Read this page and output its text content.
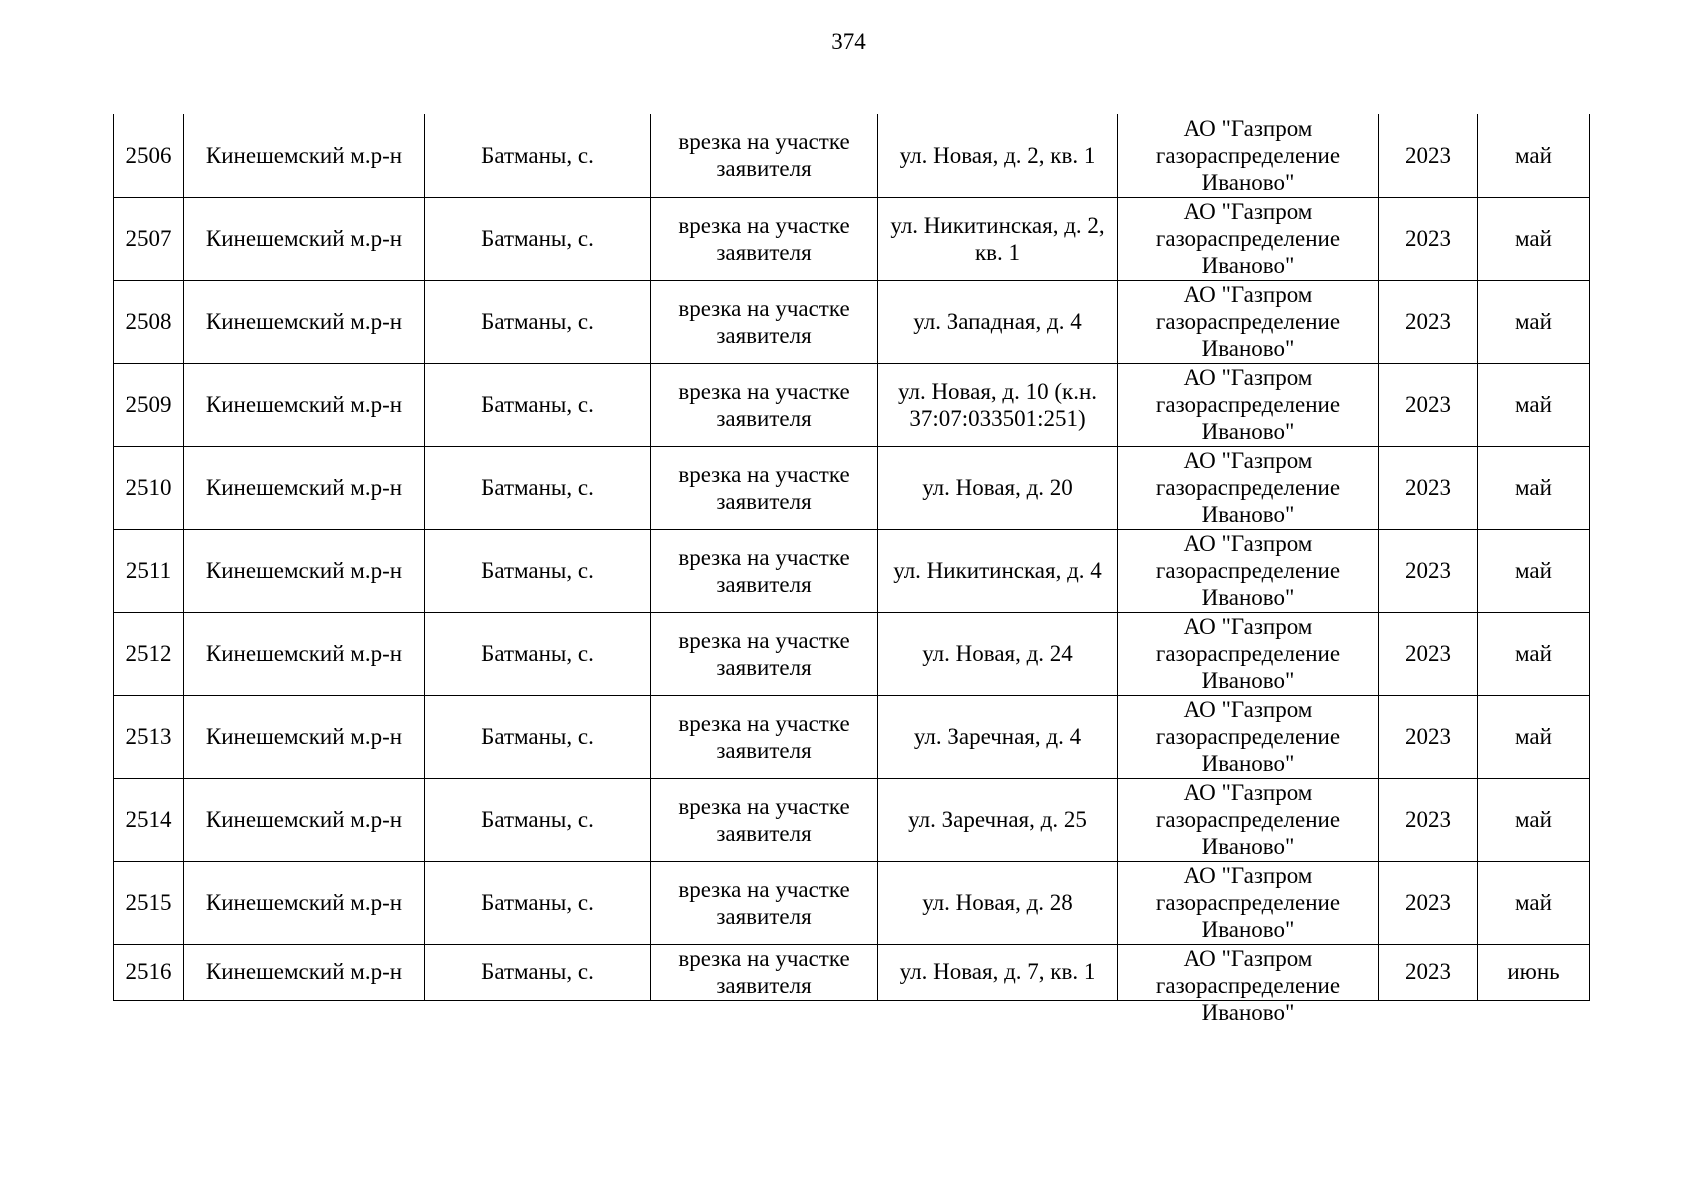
374
2506	Кинешемский м.р-н	Батманы, с.	врезка на участке заявителя	ул. Новая, д. 2, кв. 1	АО "Газпром газораспределение Иваново"	2023	май

2507	Кинешемский м.р-н	Батманы, с.	врезка на участке заявителя	ул. Никитинская, д. 2, кв. 1	АО "Газпром газораспределение Иваново"	2023	май

2508	Кинешемский м.р-н	Батманы, с.	врезка на участке заявителя	ул. Западная, д. 4	АО "Газпром газораспределение Иваново"	2023	май

2509	Кинешемский м.р-н	Батманы, с.	врезка на участке заявителя	ул. Новая, д. 10 (к.н. 37:07:033501:251)	АО "Газпром газораспределение Иваново"	2023	май

2510	Кинешемский м.р-н	Батманы, с.	врезка на участке заявителя	ул. Новая, д. 20	АО "Газпром газораспределение Иваново"	2023	май

2511	Кинешемский м.р-н	Батманы, с.	врезка на участке заявителя	ул. Никитинская, д. 4	АО "Газпром газораспределение Иваново"	2023	май

2512	Кинешемский м.р-н	Батманы, с.	врезка на участке заявителя	ул. Новая, д. 24	АО "Газпром газораспределение Иваново"	2023	май

2513	Кинешемский м.р-н	Батманы, с.	врезка на участке заявителя	ул. Заречная, д. 4	АО "Газпром газораспределение Иваново"	2023	май

2514	Кинешемский м.р-н	Батманы, с.	врезка на участке заявителя	ул. Заречная, д. 25	АО "Газпром газораспределение Иваново"	2023	май

2515	Кинешемский м.р-н	Батманы, с.	врезка на участке заявителя	ул. Новая, д. 28	АО "Газпром газораспределение Иваново"	2023	май

2516	Кинешемский м.р-н	Батманы, с.	врезка на участке заявителя	ул. Новая, д. 7, кв. 1	АО "Газпром газораспределение Иваново"	2023	июнь
